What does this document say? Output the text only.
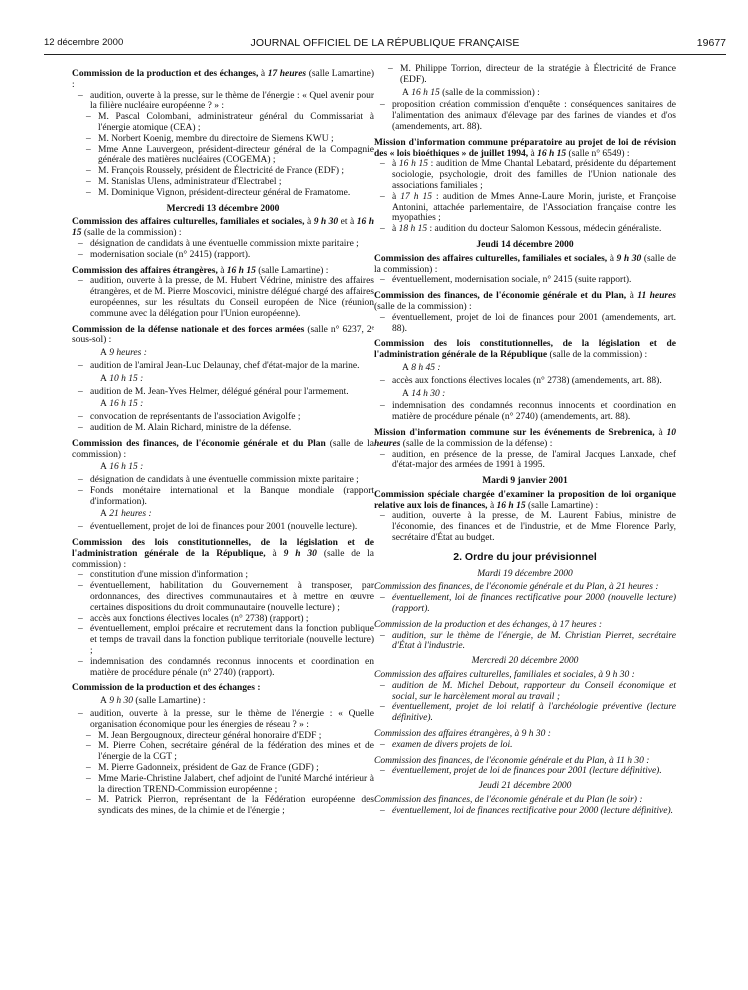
12 décembre 2000	JOURNAL OFFICIEL DE LA RÉPUBLIQUE FRANÇAISE	19677

Commission de la production et des échanges, à 17 heures (salle Lamartine) :

– audition, ouverte à la presse, sur le thème de l'énergie : « Quel avenir pour la filière nucléaire européenne ? » :

– M. Pascal Colombani, administrateur général du Commissariat à l'énergie atomique (CEA) ;

– M. Norbert Koenig, membre du directoire de Siemens KWU ;

– Mme Anne Lauvergeon, président-directeur général de la Compagnie générale des matières nucléaires (COGEMA) ;

– M. François Roussely, président de Électricité de France (EDF) ;

– M. Stanislas Ulens, administrateur d'Electrabel ;

– M. Dominique Vignon, président-directeur général de Framatome.

Mercredi 13 décembre 2000

Commission des affaires culturelles, familiales et sociales, à 9 h 30 et à 16 h 15 (salle de la commission) :

– désignation de candidats à une éventuelle commission mixte paritaire ;

– modernisation sociale (n° 2415) (rapport).

Commission des affaires étrangères, à 16 h 15 (salle Lamartine) :

– audition, ouverte à la presse, de M. Hubert Védrine, ministre des affaires étrangères, et de M. Pierre Moscovici, ministre délégué chargé des affaires européennes, sur les résultats du Conseil européen de Nice (réunion commune avec la délégation pour l'Union européenne).

Commission de la défense nationale et des forces armées (salle n° 6237, 2ᵉ sous-sol) :

A 9 heures :

– audition de l'amiral Jean-Luc Delaunay, chef d'état-major de la marine.

A 10 h 15 :

– audition de M. Jean-Yves Helmer, délégué général pour l'armement.

A 16 h 15 :

– convocation de représentants de l'association Avigolfe ;

– audition de M. Alain Richard, ministre de la défense.

Commission des finances, de l'économie générale et du Plan (salle de la commission) :

A 16 h 15 :

– désignation de candidats à une éventuelle commission mixte paritaire ;

– Fonds monétaire international et la Banque mondiale (rapport d'information).

A 21 heures :

– éventuellement, projet de loi de finances pour 2001 (nouvelle lecture).

Commission des lois constitutionnelles, de la législation et de l'administration générale de la République, à 9 h 30 (salle de la commission) :

– constitution d'une mission d'information ;

– éventuellement, habilitation du Gouvernement à transposer, par ordonnances, des directives communautaires et à mettre en œuvre certaines dispositions du droit communautaire (nouvelle lecture) ;

– accès aux fonctions électives locales (n° 2738) (rapport) ;

– éventuellement, emploi précaire et recrutement dans la fonction publique et temps de travail dans la fonction publique territoriale (nouvelle lecture) ;

– indemnisation des condamnés reconnus innocents et coordination en matière de procédure pénale (n° 2740) (rapport).

Commission de la production et des échanges :

A 9 h 30 (salle Lamartine) :

– audition, ouverte à la presse, sur le thème de l'énergie : « Quelle organisation économique pour les énergies de réseau ? » :

– M. Jean Bergougnoux, directeur général honoraire d'EDF ;

– M. Pierre Cohen, secrétaire général de la fédération des mines et de l'énergie de la CGT ;

– M. Pierre Gadonneix, président de Gaz de France (GDF) ;

– Mme Marie-Christine Jalabert, chef adjoint de l'unité Marché intérieur à la direction TREND-Commission européenne ;

– M. Patrick Pierron, représentant de la Fédération européenne des syndicats des mines, de la chimie et de l'énergie ;

– M. Philippe Torrion, directeur de la stratégie à Électricité de France (EDF).

A 16 h 15 (salle de la commission) :

– proposition création commission d'enquête : conséquences sanitaires de l'alimentation des animaux d'élevage par des farines de viandes et d'os (amendements, art. 88).

Mission d'information commune préparatoire au projet de loi de révision des « lois bioéthiques » de juillet 1994, à 16 h 15 (salle n° 6549) :

– à 16 h 15 : audition de Mme Chantal Lebatard, présidente du département sociologie, psychologie, droit des familles de l'Union nationale des associations familiales ;

– à 17 h 15 : audition de Mmes Anne-Laure Morin, juriste, et Françoise Antonini, attachée parlementaire, de l'Association française contre les myopathies ;

– à 18 h 15 : audition du docteur Salomon Kessous, médecin généraliste.

Jeudi 14 décembre 2000

Commission des affaires culturelles, familiales et sociales, à 9 h 30 (salle de la commission) :

– éventuellement, modernisation sociale, n° 2415 (suite rapport).

Commission des finances, de l'économie générale et du Plan, à 11 heures (salle de la commission) :

– éventuellement, projet de loi de finances pour 2001 (amendements, art. 88).

Commission des lois constitutionnelles, de la législation et de l'administration générale de la République (salle de la commission) :

A 8 h 45 :

– accès aux fonctions électives locales (n° 2738) (amendements, art. 88).

A 14 h 30 :

– indemnisation des condamnés reconnus innocents et coordination en matière de procédure pénale (n° 2740) (amendements, art. 88).

Mission d'information commune sur les événements de Srebrenica, à 10 heures (salle de la commission de la défense) :

– audition, en présence de la presse, de l'amiral Jacques Lanxade, chef d'état-major des armées de 1991 à 1995.

Mardi 9 janvier 2001

Commission spéciale chargée d'examiner la proposition de loi organique relative aux lois de finances, à 16 h 15 (salle Lamartine) :

– audition, ouverte à la presse, de M. Laurent Fabius, ministre de l'économie, des finances et de l'industrie, et de Mme Florence Parly, secrétaire d'État au budget.

2. Ordre du jour prévisionnel

Mardi 19 décembre 2000

Commission des finances, de l'économie générale et du Plan, à 21 heures :

– éventuellement, loi de finances rectificative pour 2000 (nouvelle lecture) (rapport).

Commission de la production et des échanges, à 17 heures :

– audition, sur le thème de l'énergie, de M. Christian Pierret, secrétaire d'État à l'industrie.

Mercredi 20 décembre 2000

Commission des affaires culturelles, familiales et sociales, à 9 h 30 :

– audition de M. Michel Debout, rapporteur du Conseil économique et social, sur le harcèlement moral au travail ;

– éventuellement, projet de loi relatif à l'archéologie préventive (lecture définitive).

Commission des affaires étrangères, à 9 h 30 :

– examen de divers projets de loi.

Commission des finances, de l'économie générale et du Plan, à 11 h 30 :

– éventuellement, projet de loi de finances pour 2001 (lecture définitive).

Jeudi 21 décembre 2000

Commission des finances, de l'économie générale et du Plan (le soir) :

– éventuellement, loi de finances rectificative pour 2000 (lecture définitive).
